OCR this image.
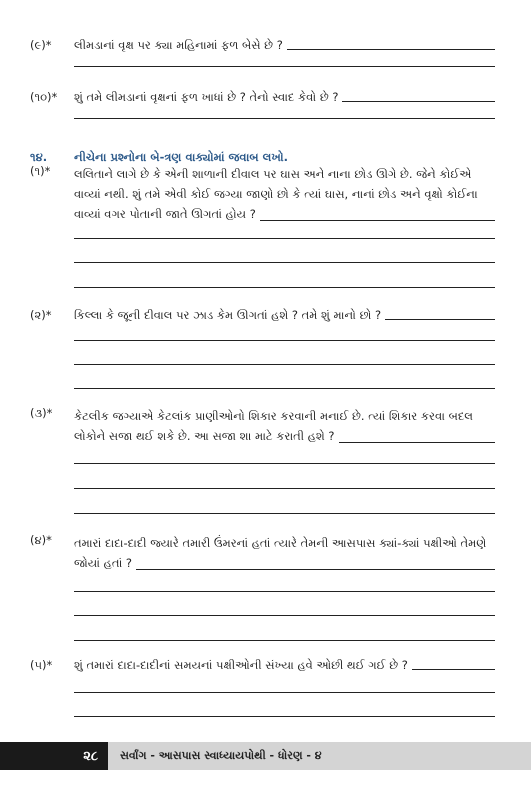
(૯)*	લીમડાનાં વૃક્ષ પર ક્યા મહિનામાં ફળ બેસે છે ?
(૧૦)*	શું તમે લીમડાનાં વૃક્ષનાં ફળ ખાધાં છે ? તેનો સ્વાદ કેવો છે ?
૧૪.	નીચેના પ્રશ્નોના બે-ત્રણ વાક્યોમાં જવાબ લખો.
(૧)*	લલિતાને લાગે છે કે એની શાળાની દીવાલ પર ઘાસ અને નાના છોડ ઊગે છે. જેને કોઈએ
વાવ્યાં નથી. શું તમે એવી કોઈ જગ્યા જાણો છો કે ત્યાં ઘાસ, નાનાં છોડ અને વૃક્ષો કોઈના
વાવ્યાં વગર પોતાની જાતે ઊગતાં હોય ?
(૨)*	કિલ્લા કે જૂની દીવાલ પર ઝાડ કેમ ઊગતાં હશે ? તમે શું માનો છો ?
(૩)*	કેટલીક જગ્યાએ કેટલાંક પ્રાણીઓનો શિકાર કરવાની મનાઈ છે. ત્યાં શિકાર કરવા બદલ
લોકોને સજા થઈ શકે છે. આ સજા શા માટે કરાતી હશે ?
(૪)*	તમારાં દાદા-દાદી જ્યારે તમારી ઉંમરનાં હતાં ત્યારે તેમની આસપાસ ક્યાં-ક્યાં પક્ષીઓ તેમણે
જોયાં હતાં ?
(૫)*	શું તમારાં દાદા-દાદીનાં સમયનાં પક્ષીઓની સંખ્યા હવે ઓછી થઈ ગઈ છે ?
૨૮	સર્વાંગ - આસપાસ સ્વાધ્યાયપોથી - ધોરણ - ૪
